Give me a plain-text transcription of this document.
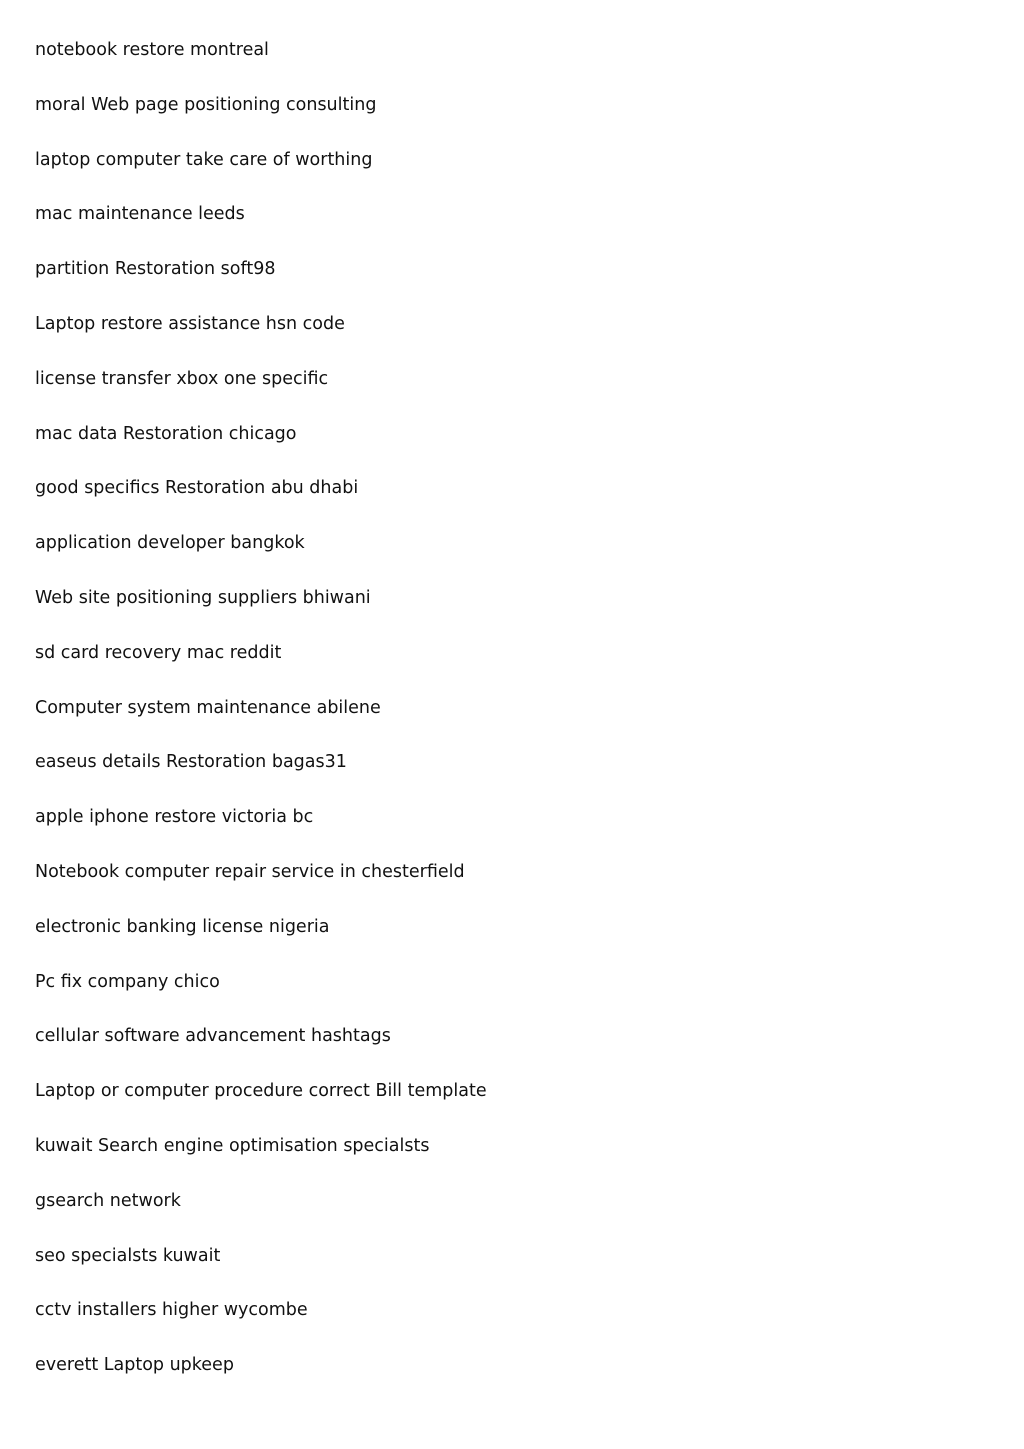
notebook restore montreal
moral Web page positioning consulting
laptop computer take care of worthing
mac maintenance leeds
partition Restoration soft98
Laptop restore assistance hsn code
license transfer xbox one specific
mac data Restoration chicago
good specifics Restoration abu dhabi
application developer bangkok
Web site positioning suppliers bhiwani
sd card recovery mac reddit
Computer system maintenance abilene
easeus details Restoration bagas31
apple iphone restore victoria bc
Notebook computer repair service in chesterfield
electronic banking license nigeria
Pc fix company chico
cellular software advancement hashtags
Laptop or computer procedure correct Bill template
kuwait Search engine optimisation specialsts
gsearch network
seo specialsts kuwait
cctv installers higher wycombe
everett Laptop upkeep
